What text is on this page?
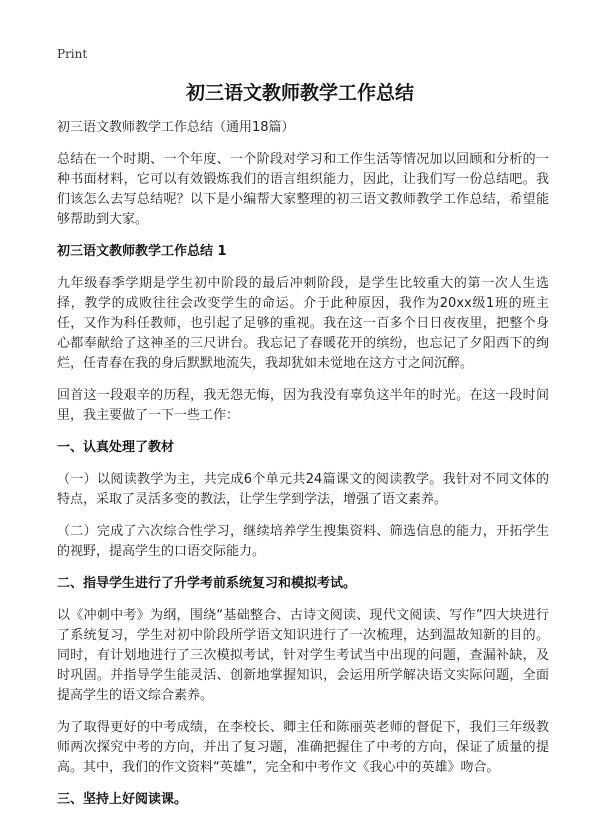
Print
初三语文教师教学工作总结

初三语文教师教学工作总结（通用18篇）

总结在一个时期、一个年度、一个阶段对学习和工作生活等情况加以回顾和分析的一种书面材料，它可以有效锻炼我们的语言组织能力，因此，让我们写一份总结吧。我们该怎么去写总结呢？以下是小编帮大家整理的初三语文教师教学工作总结，希望能够帮助到大家。

初三语文教师教学工作总结 1

九年级春季学期是学生初中阶段的最后冲刺阶段，是学生比较重大的第一次人生选择，教学的成败往往会改变学生的命运。介于此种原因，我作为20xx级1班的班主任，又作为科任教师，也引起了足够的重视。我在这一百多个日日夜夜里，把整个身心都奉献给了这神圣的三尺讲台。我忘记了春暖花开的缤纷，也忘记了夕阳西下的绚烂，任青春在我的身后默默地流失，我却犹如未觉地在这方寸之间沉醉。

回首这一段艰辛的历程，我无怨无悔，因为我没有辜负这半年的时光。在这一段时间里，我主要做了一下一些工作：

一、认真处理了教材

（一）以阅读教学为主，共完成6个单元共24篇课文的阅读教学。我针对不同文体的特点，采取了灵活多变的教法，让学生学到学法，增强了语文素养。

（二）完成了六次综合性学习，继续培养学生搜集资料、筛选信息的能力，开拓学生的视野，提高学生的口语交际能力。

二、指导学生进行了升学考前系统复习和模拟考试。

以《冲刺中考》为纲，围绕“基础整合、古诗文阅读、现代文阅读、写作”四大块进行了系统复习，学生对初中阶段所学语文知识进行了一次梳理，达到温故知新的目的。同时，有计划地进行了三次模拟考试，针对学生考试当中出现的问题，查漏补缺，及时巩固。并指导学生能灵活、创新地掌握知识，会运用所学解决语文实际问题，全面提高学生的语文综合素养。

为了取得更好的中考成绩，在李校长、卿主任和陈丽英老师的督促下，我们三年级教师两次探究中考的方向，并出了复习题，准确把握住了中考的方向，保证了质量的提高。其中，我们的作文资料“英雄”，完全和中考作文《我心中的英雄》吻合。

三、坚持上好阅读课。
